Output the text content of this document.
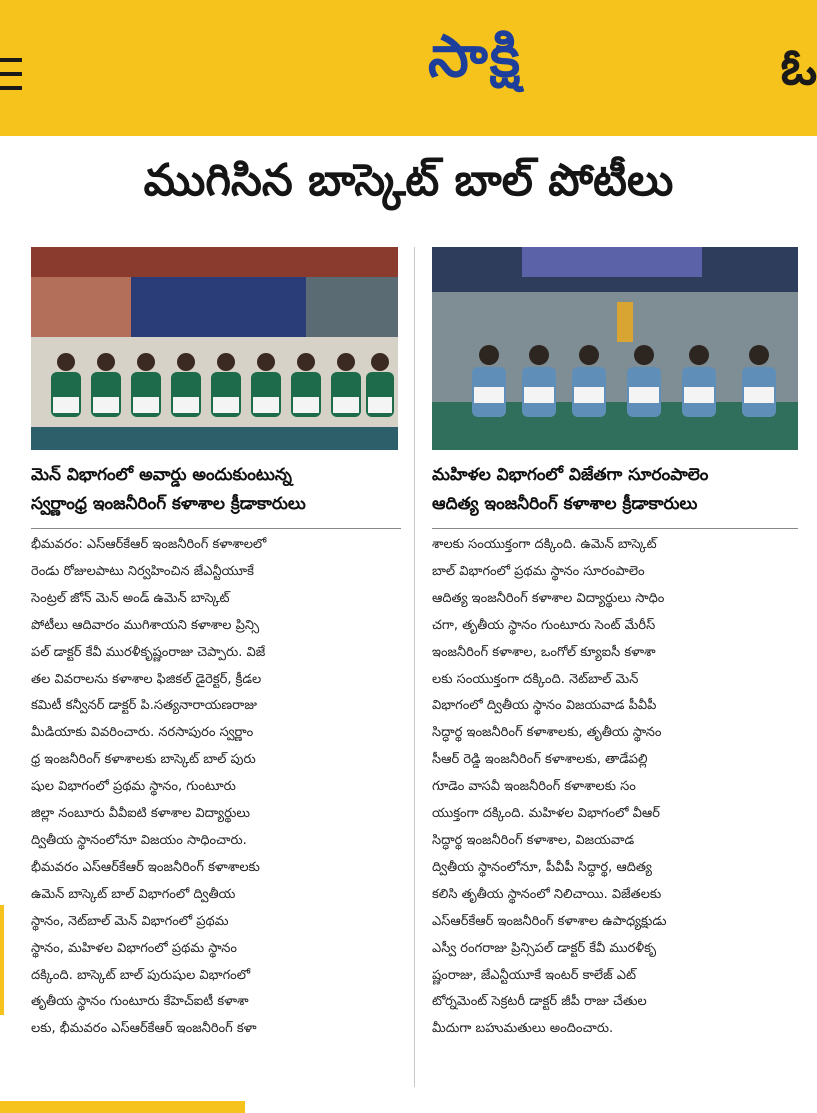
సాక్షి	ఓ
ముగిసిన బాస్కెట్ బాల్ పోటీలు
మెన్ విభాగంలో అవార్డు అందుకుంటున్న
స్వర్ణాంధ్ర ఇంజనీరింగ్ కళాశాల క్రీడాకారులు
మహిళల విభాగంలో విజేతగా సూరంపాలెం
ఆదిత్య ఇంజనీరింగ్ కళాశాల క్రీడాకారులు
భీమవరం: ఎస్ఆర్‌కేఆర్ ఇంజనీరింగ్ కళాశాలలో
రెండు రోజులపాటు నిర్వహించిన జేఎన్టీయూకే
సెంట్రల్ జోన్ మెన్ అండ్ ఉమెన్ బాస్కెట్
పోటీలు ఆదివారం ముగిశాయని కళాశాల ప్రిన్సి
పల్ డాక్టర్ కేవీ మురళీకృష్ణంరాజు చెప్పారు. విజే
తల వివరాలను కళాశాల ఫిజికల్ డైరెక్టర్, క్రీడల
కమిటీ కన్వీనర్ డాక్టర్ పి.సత్యనారాయణరాజు
మీడియాకు వివరించారు. నరసాపురం స్వర్ణాం
ధ్ర ఇంజనీరింగ్ కళాశాలకు బాస్కెట్ బాల్ పురు
షుల విభాగంలో ప్రథమ స్థానం, గుంటూరు
జిల్లా నంబూరు వీవీఐటి కళాశాల విద్యార్థులు
ద్వితీయ స్థానంలోనూ విజయం సాధించారు.
భీమవరం ఎస్ఆర్‌కేఆర్ ఇంజనీరింగ్ కళాశాలకు
ఉమెన్ బాస్కెట్ బాల్ విభాగంలో ద్వితీయ
స్థానం, నెట్‌బాల్ మెన్ విభాగంలో ప్రథమ
స్థానం, మహిళల విభాగంలో ప్రథమ స్థానం
దక్కింది. బాస్కెట్ బాల్ పురుషుల విభాగంలో
తృతీయ స్థానం గుంటూరు కేహెచ్ఐటీ కళాశా
లకు, భీమవరం ఎస్ఆర్‌కేఆర్ ఇంజనీరింగ్ కళా
శాలకు సంయుక్తంగా దక్కింది. ఉమెన్ బాస్కెట్
బాల్ విభాగంలో ప్రథమ స్థానం సూరంపాలెం
ఆదిత్య ఇంజనీరింగ్ కళాశాల విద్యార్థులు సాధిం
చగా, తృతీయ స్థానం గుంటూరు సెంట్ మేరీస్
ఇంజనీరింగ్ కళాశాల, ఒంగోల్ క్యూఐసీ కళాశా
లకు సంయుక్తంగా దక్కింది. నెట్‌బాల్ మెన్
విభాగంలో ద్వితీయ స్థానం విజయవాడ పీవీపీ
సిద్ధార్థ ఇంజనీరింగ్ కళాశాలకు, తృతీయ స్థానం
సీఆర్ రెడ్డి ఇంజనీరింగ్ కళాశాలకు, తాడేపల్లి
గూడెం వాసవీ ఇంజనీరింగ్ కళాశాలకు సం
యుక్తంగా దక్కింది. మహిళల విభాగంలో వీఆర్
సిద్ధార్థ ఇంజనీరింగ్ కళాశాల, విజయవాడ
ద్వితీయ స్థానంలోనూ, పీవీపీ సిద్ధార్థ, ఆదిత్య
కలిసి తృతీయ స్థానంలో నిలిచాయి. విజేతలకు
ఎస్ఆర్‌కేఆర్ ఇంజనీరింగ్ కళాశాల ఉపాధ్యక్షుడు
ఎస్వీ రంగరాజు ప్రిన్సిపల్ డాక్టర్ కేవీ మురళీకృ
ష్ణంరాజు, జేఎన్టీయూకే ఇంటర్ కాలేజ్ ఎట్
టోర్నమెంట్ సెక్రటరీ డాక్టర్ జీపీ రాజు చేతుల
మీదుగా బహుమతులు అందించారు.
